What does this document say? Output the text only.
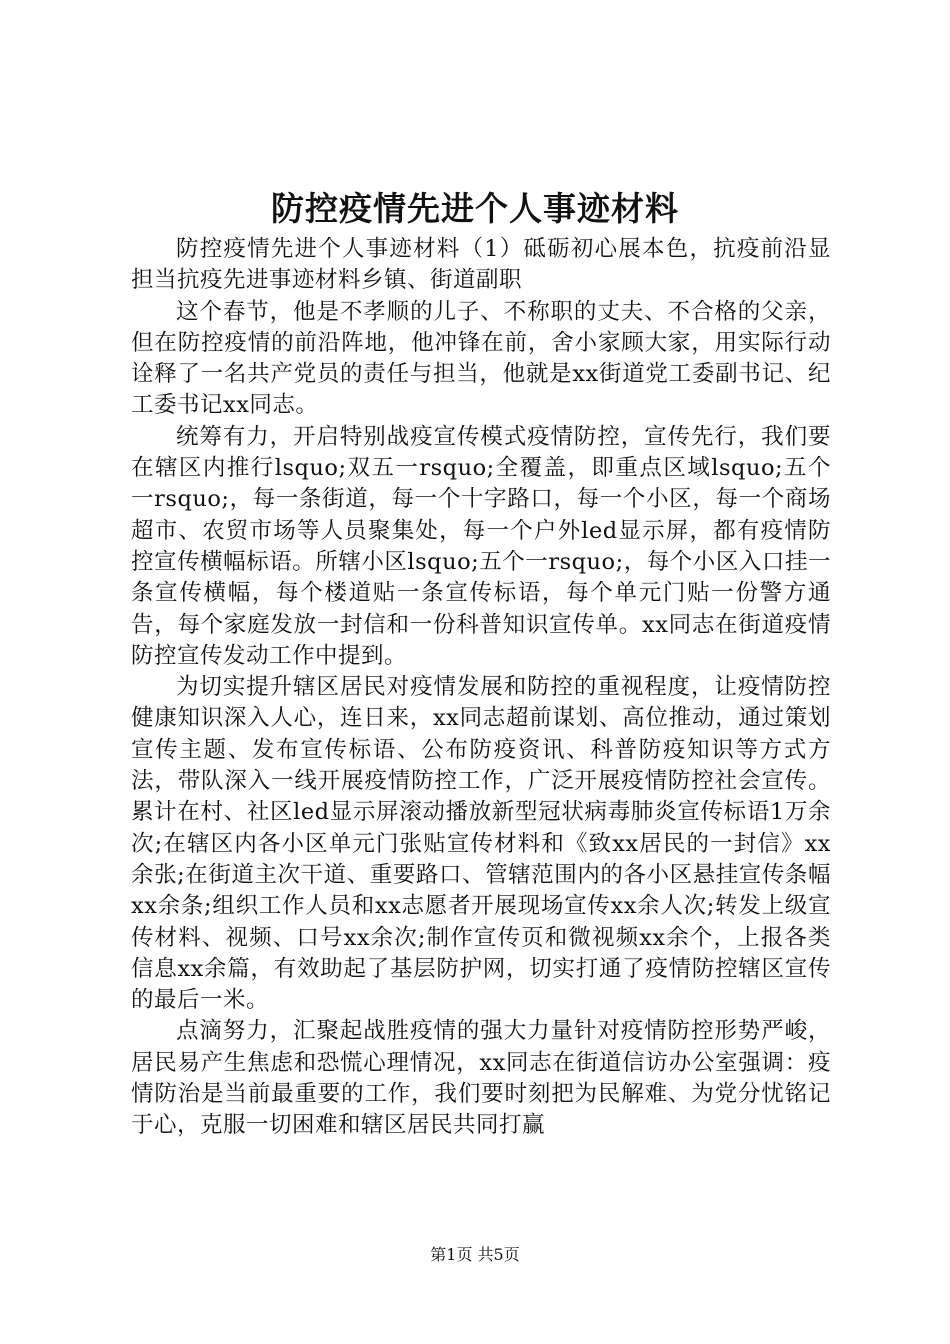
防控疫情先进个人事迹材料

防控疫情先进个人事迹材料（1）砥砺初心展本色，抗疫前沿显担当抗疫先进事迹材料乡镇、街道副职

这个春节，他是不孝顺的儿子、不称职的丈夫、不合格的父亲，但在防控疫情的前沿阵地，他冲锋在前，舍小家顾大家，用实际行动诠释了一名共产党员的责任与担当，他就是xx街道党工委副书记、纪工委书记xx同志。

统筹有力，开启特别战疫宣传模式疫情防控，宣传先行，我们要在辖区内推行lsquo;双五一rsquo;全覆盖，即重点区域lsquo;五个一rsquo;，每一条街道，每一个十字路口，每一个小区，每一个商场超市、农贸市场等人员聚集处，每一个户外led显示屏，都有疫情防控宣传横幅标语。所辖小区lsquo;五个一rsquo;，每个小区入口挂一条宣传横幅，每个楼道贴一条宣传标语，每个单元门贴一份警方通告，每个家庭发放一封信和一份科普知识宣传单。xx同志在街道疫情防控宣传发动工作中提到。

为切实提升辖区居民对疫情发展和防控的重视程度，让疫情防控健康知识深入人心，连日来，xx同志超前谋划、高位推动，通过策划宣传主题、发布宣传标语、公布防疫资讯、科普防疫知识等方式方法，带队深入一线开展疫情防控工作，广泛开展疫情防控社会宣传。累计在村、社区led显示屏滚动播放新型冠状病毒肺炎宣传标语1万余次;在辖区内各小区单元门张贴宣传材料和《致xx居民的一封信》xx余张;在街道主次干道、重要路口、管辖范围内的各小区悬挂宣传条幅xx余条;组织工作人员和xx志愿者开展现场宣传xx余人次;转发上级宣传材料、视频、口号xx余次;制作宣传页和微视频xx余个，上报各类信息xx余篇，有效助起了基层防护网，切实打通了疫情防控辖区宣传的最后一米。

点滴努力，汇聚起战胜疫情的强大力量针对疫情防控形势严峻，居民易产生焦虑和恐慌心理情况，xx同志在街道信访办公室强调：疫情防治是当前最重要的工作，我们要时刻把为民解难、为党分忧铭记于心，克服一切困难和辖区居民共同打赢

第1页 共5页
